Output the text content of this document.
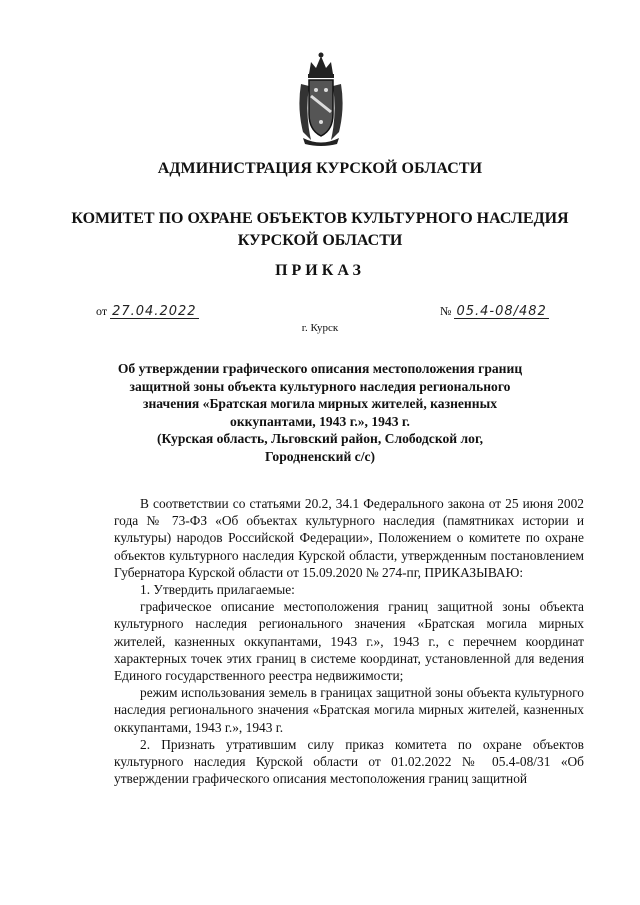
АДМИНИСТРАЦИЯ КУРСКОЙ ОБЛАСТИ
КОМИТЕТ ПО ОХРАНЕ ОБЪЕКТОВ КУЛЬТУРНОГО НАСЛЕДИЯ
КУРСКОЙ ОБЛАСТИ
ПРИКАЗ
от 27.04.2022	№ 05.4-08/482
г. Курск
Об утверждении графического описания местоположения границ
защитной зоны объекта культурного наследия регионального
значения «Братская могила мирных жителей, казненных
оккупантами, 1943 г.», 1943 г.
(Курская область, Льговский район, Слободской лог,
Городненский с/с)

В соответствии со статьями 20.2, 34.1 Федерального закона от 25 июня 2002 года № 73-ФЗ «Об объектах культурного наследия (памятниках истории и культуры) народов Российской Федерации», Положением о комитете по охране объектов культурного наследия Курской области, утвержденным постановлением Губернатора Курской области от 15.09.2020 № 274-пг, ПРИКАЗЫВАЮ:

1. Утвердить прилагаемые:

графическое описание местоположения границ защитной зоны объекта культурного наследия регионального значения «Братская могила мирных жителей, казненных оккупантами, 1943 г.», 1943 г., с перечнем координат характерных точек этих границ в системе координат, установленной для ведения Единого государственного реестра недвижимости;

режим использования земель в границах защитной зоны объекта культурного наследия регионального значения «Братская могила мирных жителей, казненных оккупантами, 1943 г.», 1943 г.

2. Признать утратившим силу приказ комитета по охране объектов культурного наследия Курской области от 01.02.2022 № 05.4-08/31 «Об утверждении графического описания местоположения границ защитной
